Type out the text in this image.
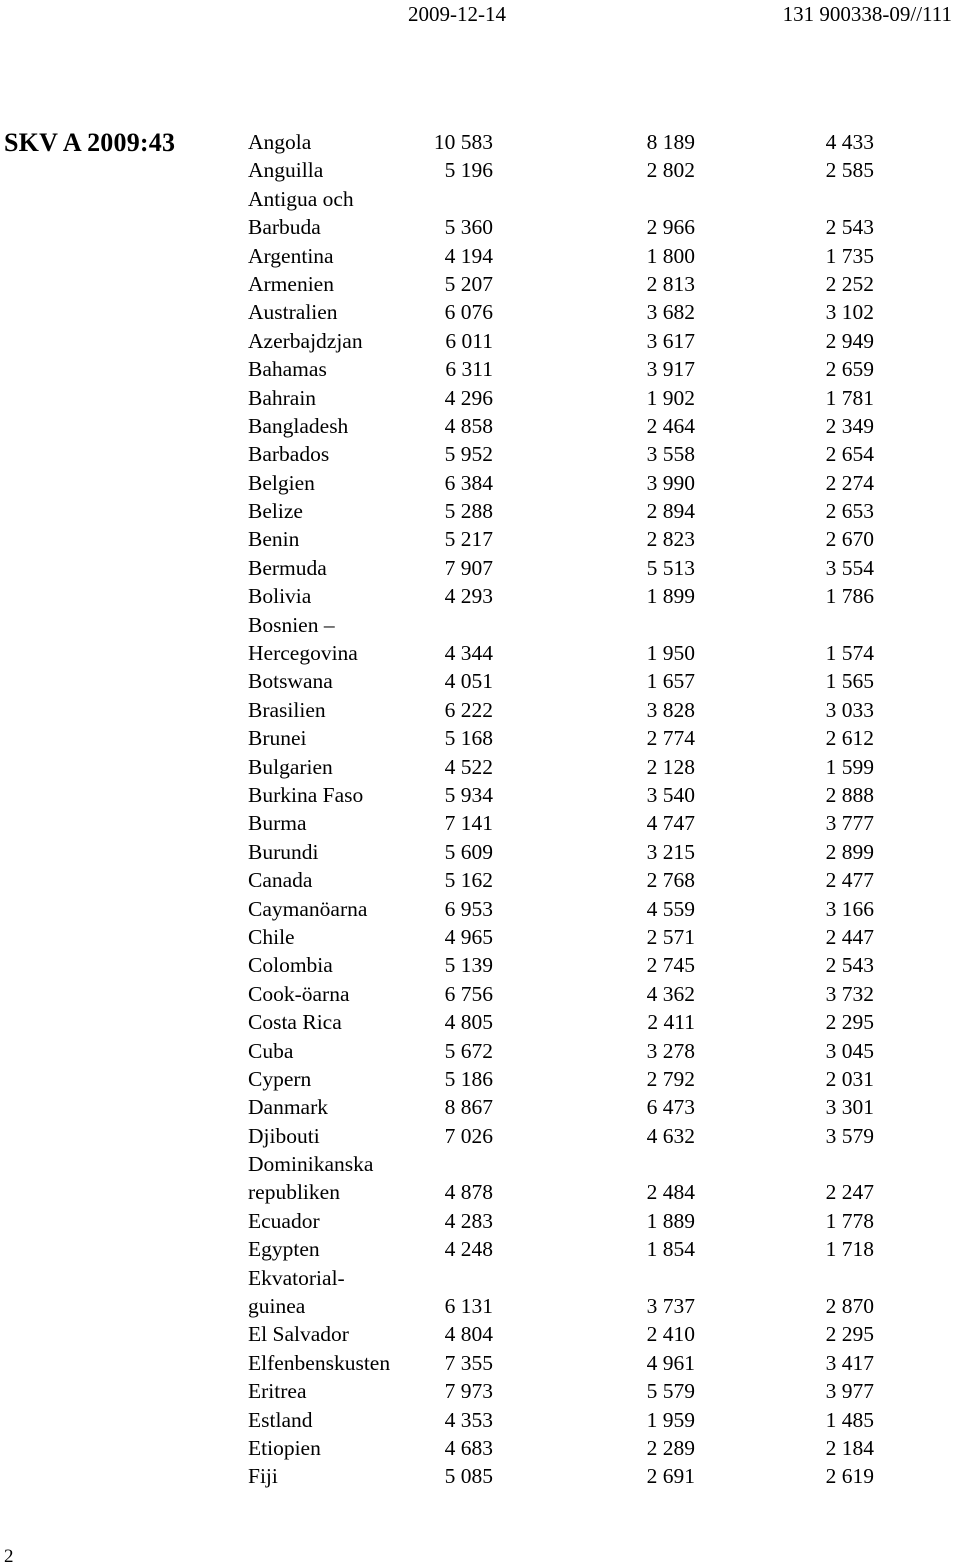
2009-12-14	131 900338-09//111
SKV A 2009:43	Angola	10 583	8 189	4 433
Anguilla	5 196	2 802	2 585
Antigua och
Barbuda	5 360	2 966	2 543
Argentina	4 194	1 800	1 735
Armenien	5 207	2 813	2 252
Australien	6 076	3 682	3 102
Azerbajdzjan	6 011	3 617	2 949
Bahamas	6 311	3 917	2 659
Bahrain	4 296	1 902	1 781
Bangladesh	4 858	2 464	2 349
Barbados	5 952	3 558	2 654
Belgien	6 384	3 990	2 274
Belize	5 288	2 894	2 653
Benin	5 217	2 823	2 670
Bermuda	7 907	5 513	3 554
Bolivia	4 293	1 899	1 786
Bosnien –
Hercegovina	4 344	1 950	1 574
Botswana	4 051	1 657	1 565
Brasilien	6 222	3 828	3 033
Brunei	5 168	2 774	2 612
Bulgarien	4 522	2 128	1 599
Burkina Faso	5 934	3 540	2 888
Burma	7 141	4 747	3 777
Burundi	5 609	3 215	2 899
Canada	5 162	2 768	2 477
Caymanöarna	6 953	4 559	3 166
Chile	4 965	2 571	2 447
Colombia	5 139	2 745	2 543
Cook-öarna	6 756	4 362	3 732
Costa Rica	4 805	2 411	2 295
Cuba	5 672	3 278	3 045
Cypern	5 186	2 792	2 031
Danmark	8 867	6 473	3 301
Djibouti	7 026	4 632	3 579
Dominikanska
republiken	4 878	2 484	2 247
Ecuador	4 283	1 889	1 778
Egypten	4 248	1 854	1 718
Ekvatorial-
guinea	6 131	3 737	2 870
El Salvador	4 804	2 410	2 295
Elfenbenskusten	7 355	4 961	3 417
Eritrea	7 973	5 579	3 977
Estland	4 353	1 959	1 485
Etiopien	4 683	2 289	2 184
Fiji	5 085	2 691	2 619
2
